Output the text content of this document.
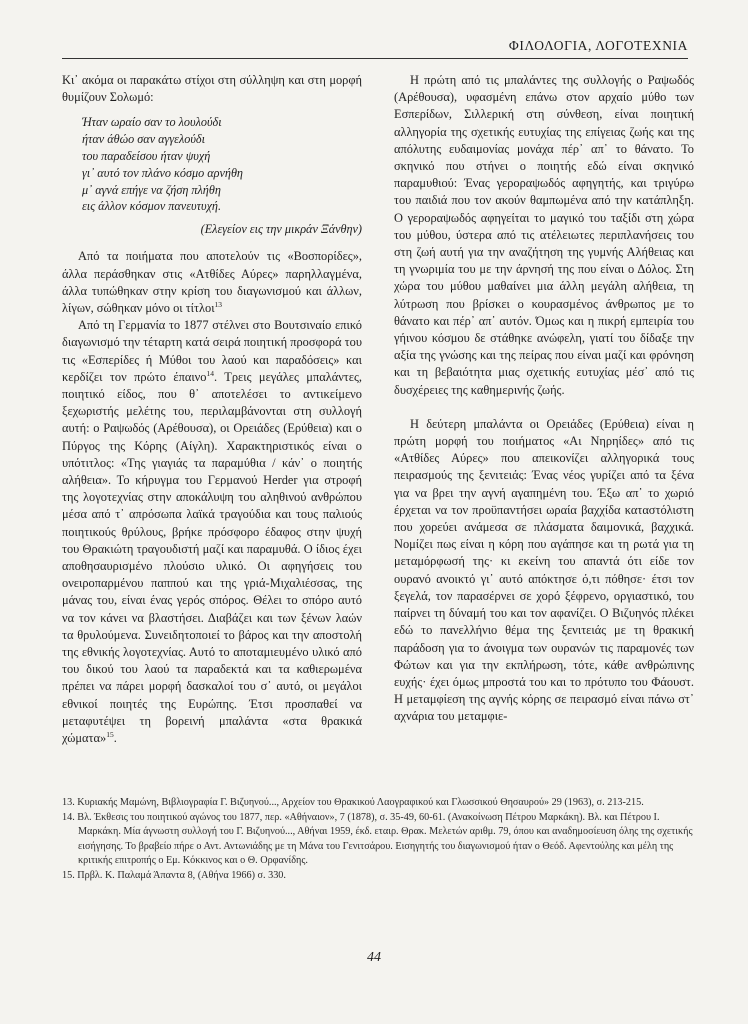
ΦΙΛΟΛΟΓΙΑ, ΛΟΓΟΤΕΧΝΙΑ

Κι᾽ ακόμα οι παρακάτω στίχοι στη σύλληψη και στη μορφή θυμίζουν Σολωμό:

Ήταν ωραίο σαν το λουλούδι
ήταν άθώο σαν αγγελούδι
του παραδείσου ήταν ψυχή
γι᾽ αυτό τον πλάνο κόσμο αρνήθη
μ᾽ αγνά επήγε να ζήση πλήθη
εις άλλον κόσμον πανευτυχή.
(Ελεγείον εις την μικράν Ξάνθην)

Από τα ποιήματα που αποτελούν τις «Βοσπορίδες», άλλα περάσθηκαν στις «Ατθίδες Αύρες» παρηλλαγμένα, άλλα τυπώθηκαν στην κρίση του διαγωνισμού και άλλων, λίγων, σώθηκαν μόνο οι τίτλοι$^{13}$

Από τη Γερμανία το 1877 στέλνει στο Βουτσιναίο επικό διαγωνισμό την τέταρτη κατά σειρά ποιητική προσφορά του τις «Εσπερίδες ή Μύθοι του λαού και παραδόσεις» και κερδίζει τον πρώτο έπαινο$^{14}$. Τρεις μεγάλες μπαλάντες, ποιητικό είδος, που θ᾽ αποτελέσει το αντικείμενο ξεχωριστής μελέτης του, περιλαμβάνονται στη συλλογή αυτή: ο Ραψωδός (Αρέθουσα), οι Ορειάδες (Ερύθεια) και ο Πύργος της Κόρης (Αίγλη). Χαρακτηριστικός είναι ο υπότιτλος: «Της γιαγιάς τα παραμύθια / κάν᾽ ο ποιητής αλήθεια». Το κήρυγμα του Γερμανού Herder για στροφή της λογοτεχνίας στην αποκάλυψη του αληθινού ανθρώπου μέσα από τ᾽ απρόσωπα λαϊκά τραγούδια και τους παλιούς ποιητικούς θρύλους, βρήκε πρόσφορο έδαφος στην ψυχή του Θρακιώτη τραγουδιστή μαζί και παραμυθά. Ο ίδιος έχει αποθησαυρισμένο πλούσιο υλικό. Οι αφηγήσεις του ονειροπαρμένου παππού και της γριά-Μιχαλιέσσας, της μάνας του, είναι ένας γερός σπόρος. Θέλει το σπόρο αυτό να τον κάνει να βλαστήσει. Διαβάζει και των ξένων λαών τα θρυλούμενα. Συνειδητοποιεί το βάρος και την αποστολή της εθνικής λογοτεχνίας. Αυτό το αποταμιευμένο υλικό από του δικού του λαού τα παραδεκτά και τα καθιερωμένα πρέπει να πάρει μορφή δασκαλοί του σ᾽ αυτό, οι μεγάλοι εθνικοί ποιητές της Ευρώπης. Έτσι προσπαθεί να μεταφυτέψει τη βορεινή μπαλάντα «στα θρακικά χώματα»$^{15}$.

Η πρώτη από τις μπαλάντες της συλλογής ο Ραψωδός (Αρέθουσα), υφασμένη επάνω στον αρχαίο μύθο των Εσπερίδων, Σιλλερική στη σύνθεση, είναι ποιητική αλληγορία της σχετικής ευτυχίας της επίγειας ζωής και της απόλυτης ευδαιμονίας μονάχα πέρ᾽ απ᾽ το θάνατο. Το σκηνικό που στήνει ο ποιητής εδώ είναι σκηνικό παραμυθιού: Ένας γεροραψωδός αφηγητής, και τριγύρω του παιδιά που τον ακούν θαμπωμένα από την κατάπληξη. Ο γεροραψωδός αφηγείται το μαγικό του ταξίδι στη χώρα του μύθου, ύστερα από τις ατέλειωτες περιπλανήσεις του στη ζωή αυτή για την αναζήτηση της γυμνής Αλήθειας και τη γνωριμία του με την άρνησή της που είναι ο Δόλος. Στη χώρα του μύθου μαθαίνει μια άλλη μεγάλη αλήθεια, τη λύτρωση που βρίσκει ο κουρασμένος άνθρωπος με το θάνατο και πέρ᾽ απ᾽ αυτόν. Όμως και η πικρή εμπειρία του γήινου κόσμου δε στάθηκε ανώφελη, γιατί του δίδαξε την αξία της γνώσης και της πείρας που είναι μαζί και φρόνηση και τη βεβαιότητα μιας σχετικής ευτυχίας μέσ᾽ από τις δυσχέρειες της καθημερινής ζωής.

Η δεύτερη μπαλάντα οι Ορειάδες (Ερύθεια) είναι η πρώτη μορφή του ποιήματος «Αι Νηρηίδες» από τις «Ατθίδες Αύρες» που απεικονίζει αλληγορικά τους πειρασμούς της ξενιτειάς: Ένας νέος γυρίζει από τα ξένα για να βρει την αγνή αγαπημένη του. Έξω απ᾽ το χωριό έρχεται να τον προϋπαντήσει ωραία βαχχίδα καταστόλιστη που χορεύει ανάμεσα σε πλάσματα δαιμονικά, βαχχικά. Νομίζει πως είναι η κόρη που αγάπησε και τη ρωτά για τη μεταμόρφωσή της· κι εκείνη του απαντά ότι είδε τον ουρανό ανοικτό γι᾽ αυτό απόκτησε ό,τι πόθησε· έτσι τον ξεγελά, τον παρασέρνει σε χορό ξέφρενο, οργιαστικό, του παίρνει τη δύναμή του και τον αφανίζει. Ο Βιζυηνός πλέκει εδώ το πανελλήνιο θέμα της ξενιτειάς με τη θρακική παράδοση για το άνοιγμα των ουρανών τις παραμονές των Φώτων και για την εκπλήρωση, τότε, κάθε ανθρώπινης ευχής· έχει όμως μπροστά του και το πρότυπο του Φάουστ. Η μεταμφίεση της αγνής κόρης σε πειρασμό είναι πάνω στ᾽ αχνάρια του μεταμφιε-

13. Κυριακής Μαμώνη, Βιβλιογραφία Γ. Βιζυηνού..., Αρχείον του Θρακικού Λαογραφικού και Γλωσσικού Θησαυρού» 29 (1963), σ. 213-215.
14. Βλ. Έκθεσις του ποιητικού αγώνος του 1877, περ. «Αθήναιον», 7 (1878), σ. 35-49, 60-61. (Ανακοίνωση Πέτρου Μαρκάκη). Βλ. και Πέτρου Ι. Μαρκάκη. Μία άγνωστη συλλογή του Γ. Βιζυηνού..., Αθήναι 1959, έκδ. εταιρ. Θρακ. Μελετών αριθμ. 79, όπου και αναδημοσίευση όλης της σχετικής εισήγησης. Το βραβείο πήρε ο Αντ. Αντωνιάδης με τη Μάνα του Γενιτσάρου. Εισηγητής του διαγωνισμού ήταν ο Θεόδ. Αφεντούλης και μέλη της κριτικής επιτροπής ο Εμ. Κόκκινος και ο Θ. Ορφανίδης.
15. Πρβλ. Κ. Παλαμά Άπαντα 8, (Αθήνα 1966) σ. 330.
44
